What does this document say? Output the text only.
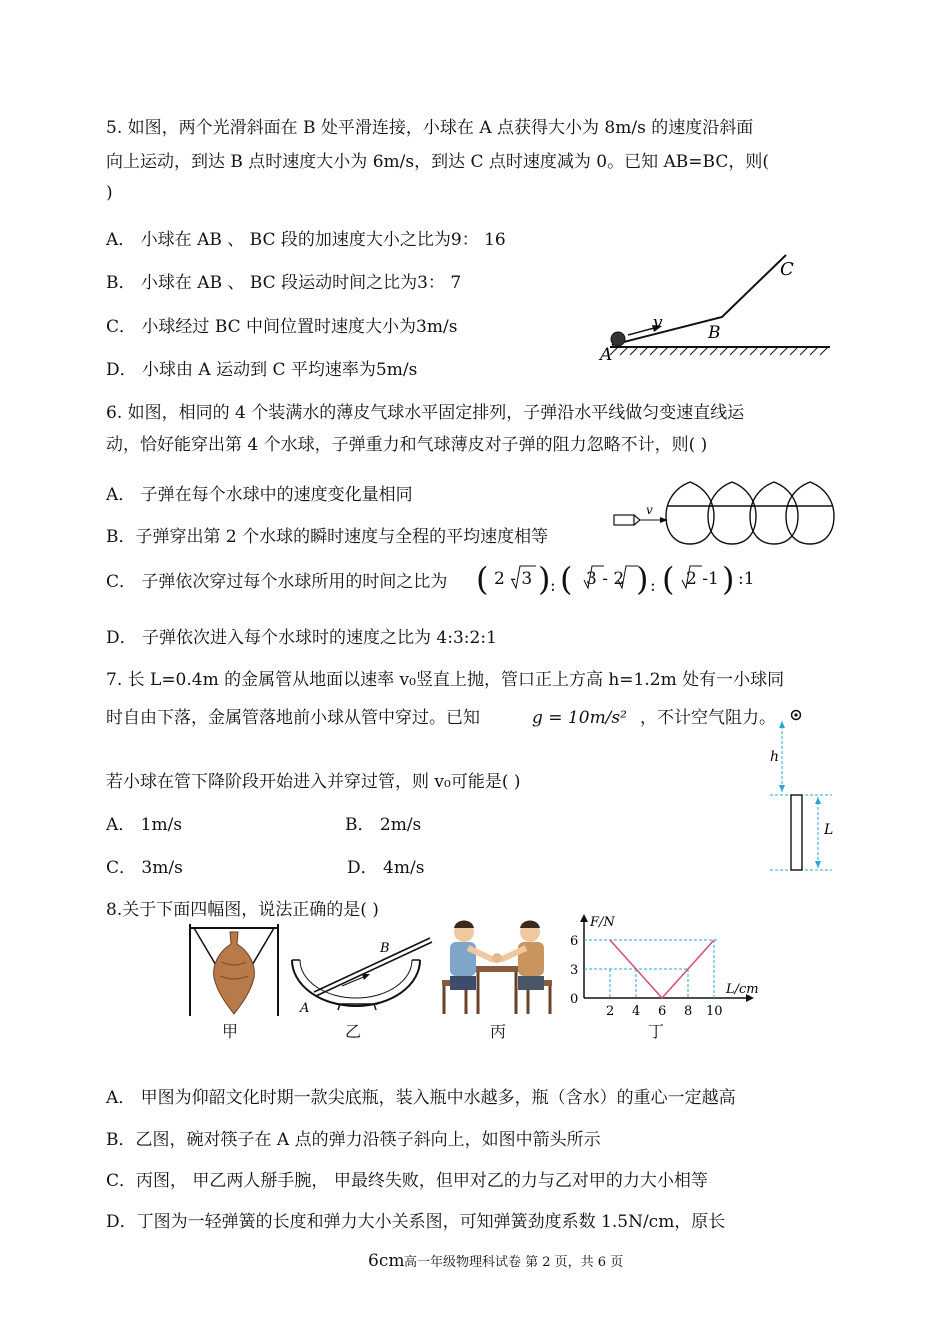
5. 如图，两个光滑斜面在 B 处平滑连接，小球在 A 点获得大小为 8m/s 的速度沿斜面
向上运动，到达 B 点时速度大小为 6m/s，到达 C 点时速度减为 0。已知 AB=BC，则(
)
A． 小球在 AB 、 BC 段的加速度大小之比为9： 16
B． 小球在 AB 、 BC 段运动时间之比为3： 7
C． 小球经过 BC 中间位置时速度大小为3m/s
D． 小球由 A 运动到 C 平均速率为5m/s
v
A
B
C
6. 如图，相同的 4 个装满水的薄皮气球水平固定排列，子弹沿水平线做匀变速直线运
动，恰好能穿出第 4 个水球，子弹重力和气球薄皮对子弹的阻力忽略不计，则( )
A． 子弹在每个水球中的速度变化量相同
B．子弹穿出第 2 个水球的瞬时速度与全程的平均速度相等
C． 子弹依次穿过每个水球所用的时间之比为 ( 2 - 3 ) : ( 3 - 2 ) : ( 2 -1 ) :1
D． 子弹依次进入每个水球时的速度之比为 4:3:2:1
v
7. 长 L=0.4m 的金属管从地面以速率 v₀竖直上抛，管口正上方高 h=1.2m 处有一小球同
时自由下落，金属管落地前小球从管中穿过。已知	g = 10m/s² ，不计空气阻力。
若小球在管下降阶段开始进入并穿过管，则 v₀可能是( )
A． 1m/s	B． 2m/s
C． 3m/s	D． 4m/s
h
L
8.关于下面四幅图，说法正确的是( )
甲
A
B
乙	丙
F/N
L/cm
6
3
0
2 4 6 8 10
丁
A． 甲图为仰韶文化时期一款尖底瓶，装入瓶中水越多，瓶（含水）的重心一定越高
B．乙图，碗对筷子在 A 点的弹力沿筷子斜向上，如图中箭头所示
C．丙图， 甲乙两人掰手腕， 甲最终失败，但甲对乙的力与乙对甲的力大小相等
D．丁图为一轻弹簧的长度和弹力大小关系图，可知弹簧劲度系数 1.5N/cm，原长
6cm 高一年级物理科试卷 第 2 页，共 6 页
